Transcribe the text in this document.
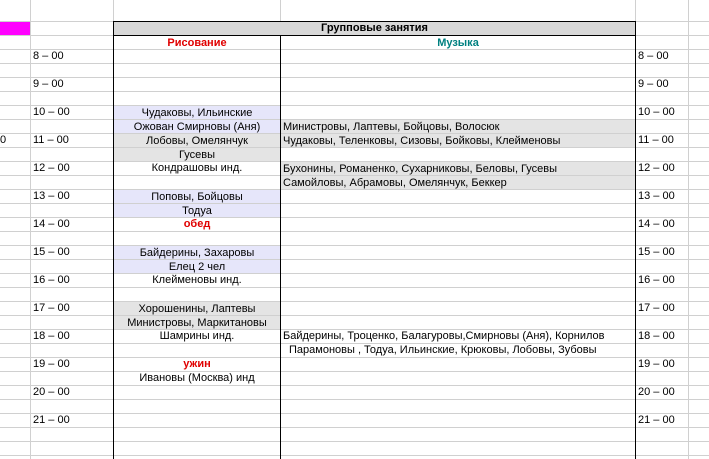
Групповые занятия
Рисование	Музыка
0
8 – 00
9 – 00
10 – 00
11 – 00
12 – 00
13 – 00
14 – 00
15 – 00
16 – 00
17 – 00
18 – 00
19 – 00
20 – 00
21 – 00
8 – 00
9 – 00
10 – 00
11 – 00
12 – 00
13 – 00
14 – 00
15 – 00
16 – 00
17 – 00
18 – 00
19 – 00
20 – 00
21 – 00
Чудаковы, Ильинские
Ожован Смирновы (Аня)
Лобовы, Омелянчук
Гусевы
Кондрашовы инд.
Поповы, Бойцовы
Тодуа
обед
Байдерины, Захаровы
Елец 2 чел
Клейменовы инд.
Хорошенины, Лаптевы
Министровы, Маркитановы
Шамрины инд.
ужин
Ивановы (Москва) инд
Министровы, Лаптевы, Бойцовы, Волосюк
Чудаковы, Теленковы, Сизовы, Бойковы, Клейменовы
Бухонины, Романенко, Сухарниковы, Беловы, Гусевы
Самойловы, Абрамовы, Омелянчук, Беккер
Байдерины, Троценко, Балагуровы,Смирновы (Аня), Корнилов
Парамоновы , Тодуа, Ильинские, Крюковы, Лобовы, Зубовы
